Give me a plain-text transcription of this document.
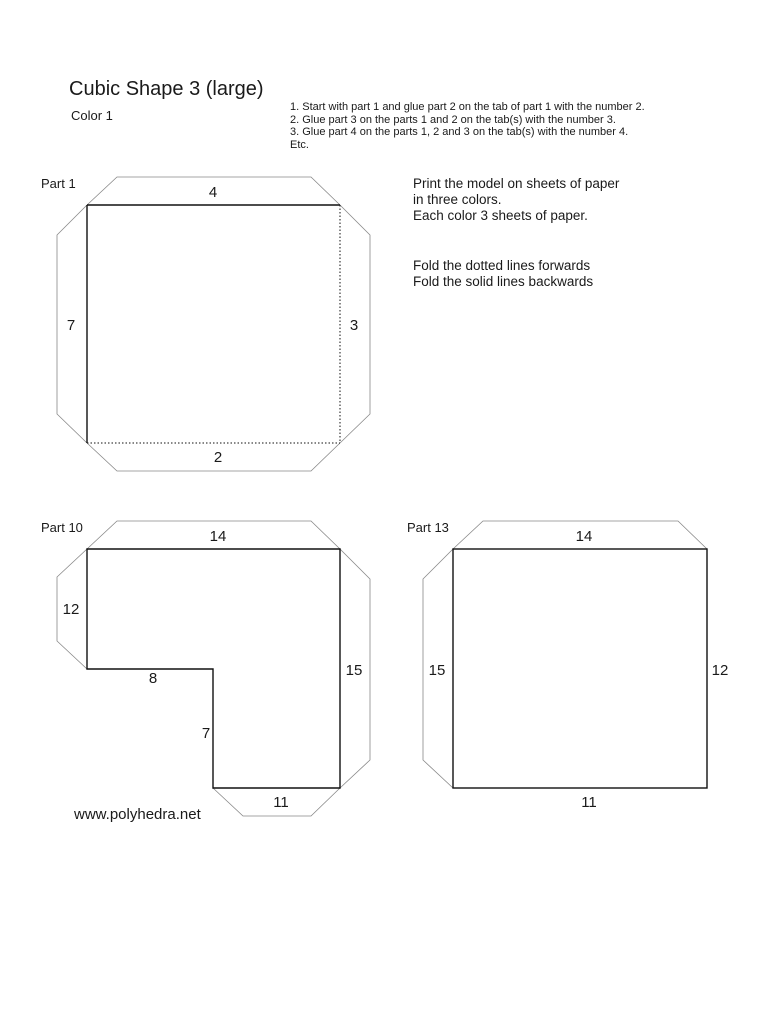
Cubic Shape 3 (large)
Color 1
1. Start with part 1 and glue part 2 on the tab of part 1 with the number 2.
2. Glue part 3 on the parts 1 and 2 on the tab(s) with the number 3.
3. Glue part 4 on the parts 1, 2 and 3 on the tab(s) with the number 4.
Etc.
Print the model on sheets of paper
in three colors.
Each color 3 sheets of paper.
Fold the dotted lines forwards
Fold the solid lines backwards
www.polyhedra.net
Part 1
4
7	3
2
Part 10
14
12
15
8
7
11
Part 13
14
15	12
11
